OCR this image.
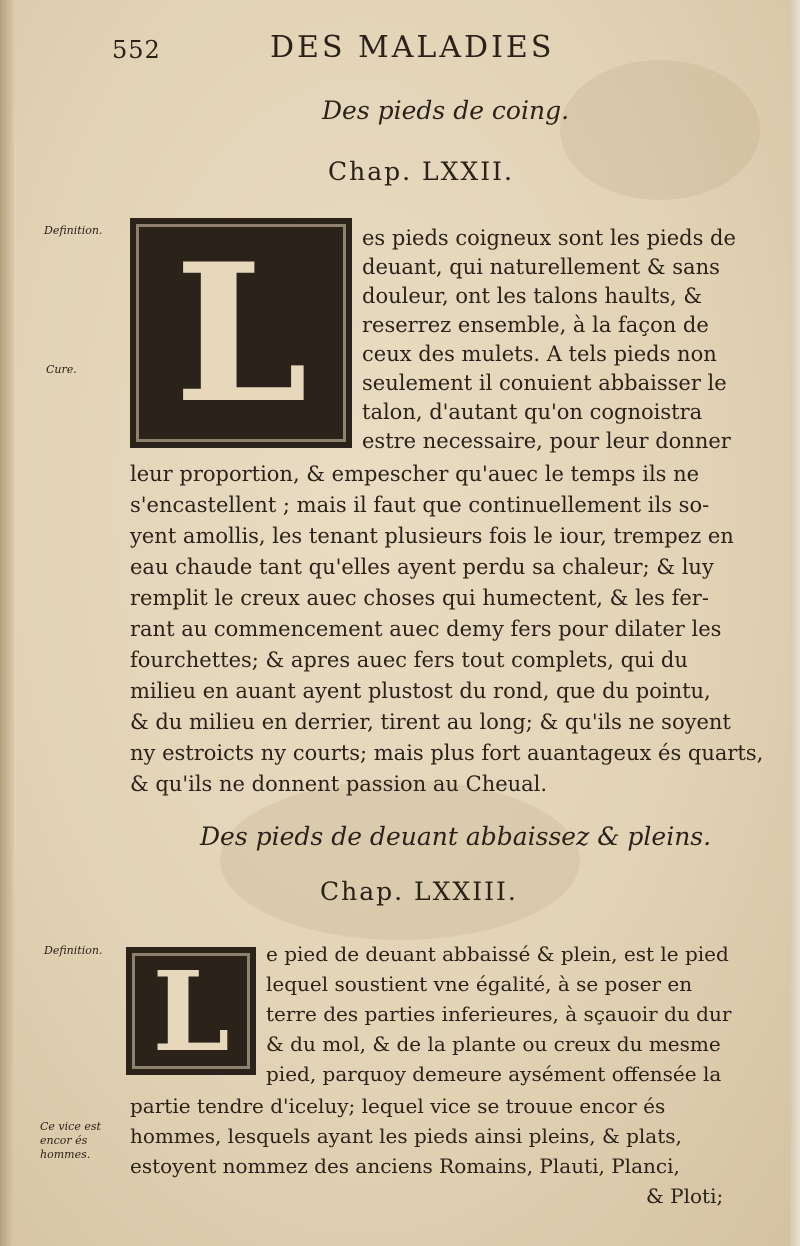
552	DES MALADIES
Des pieds de coing.
Chap. LXXII.
Definition.
Cure. L	es pieds coigneux sont les pieds de
deuant, qui naturellement & sans
douleur, ont les talons haults, &
reserrez ensemble, à la façon de
ceux des mulets. A tels pieds non
seulement il conuient abbaisser le
talon, d'autant qu'on cognoistra
estre necessaire, pour leur donner
leur proportion, & empescher qu'auec le temps ils ne
s'encastellent ; mais il faut que continuellement ils so-
yent amollis, les tenant plusieurs fois le iour, trempez en
eau chaude tant qu'elles ayent perdu sa chaleur; & luy
remplit le creux auec choses qui humectent, & les fer-
rant au commencement auec demy fers pour dilater les
fourchettes; & apres auec fers tout complets, qui du
milieu en auant ayent plustost du rond, que du pointu,
& du milieu en derrier, tirent au long; & qu'ils ne soyent
ny estroicts ny courts; mais plus fort auantageux és quarts,
& qu'ils ne donnent passion au Cheual.
Des pieds de deuant abbaissez & pleins.
Chap. LXXIII.
Definition.
Ce vice est encor és hommes.
L e pied de deuant abbaissé & plein, est le pied
lequel soustient vne égalité, à se poser en
terre des parties inferieures, à sçauoir du dur
& du mol, & de la plante ou creux du mesme
pied, parquoy demeure aysément offensée la
partie tendre d'iceluy; lequel vice se trouue encor és
hommes, lesquels ayant les pieds ainsi pleins, & plats,
estoyent nommez des anciens Romains, Plauti, Planci,
& Ploti;
